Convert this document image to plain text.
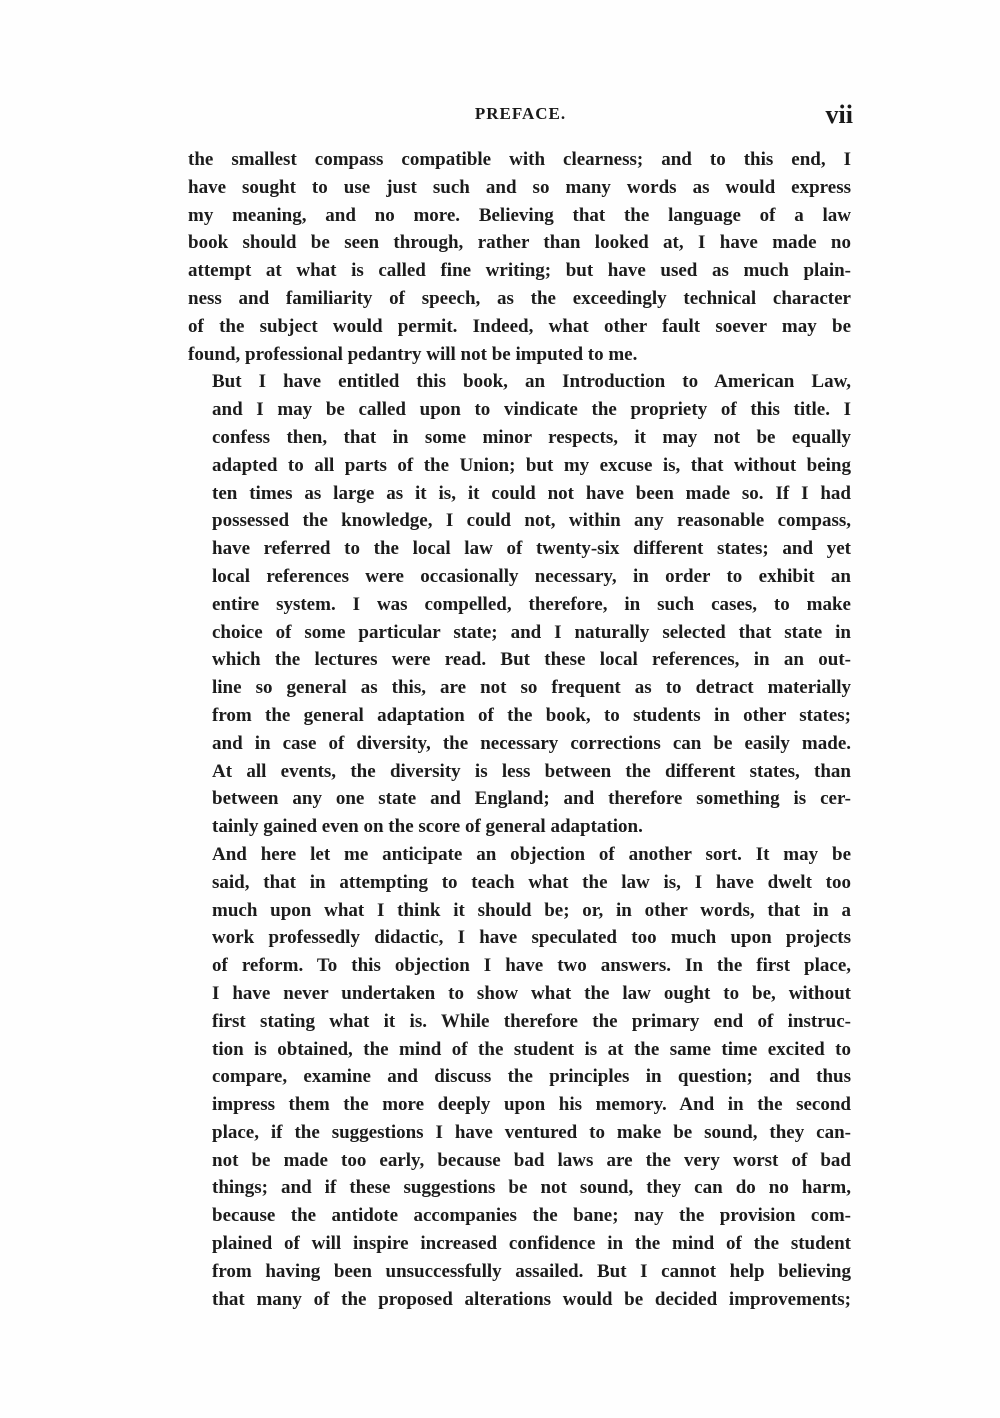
PREFACE.	vii

the smallest compass compatible with clearness; and to this end, I
have sought to use just such and so many words as would express
my meaning, and no more. Believing that the language of a law
book should be seen through, rather than looked at, I have made no
attempt at what is called fine writing; but have used as much plain-
ness and familiarity of speech, as the exceedingly technical character
of the subject would permit. Indeed, what other fault soever may be
found, professional pedantry will not be imputed to me.

But I have entitled this book, an Introduction to American Law,
and I may be called upon to vindicate the propriety of this title. I
confess then, that in some minor respects, it may not be equally
adapted to all parts of the Union; but my excuse is, that without being
ten times as large as it is, it could not have been made so. If I had
possessed the knowledge, I could not, within any reasonable compass,
have referred to the local law of twenty-six different states; and yet
local references were occasionally necessary, in order to exhibit an
entire system. I was compelled, therefore, in such cases, to make
choice of some particular state; and I naturally selected that state in
which the lectures were read. But these local references, in an out-
line so general as this, are not so frequent as to detract materially
from the general adaptation of the book, to students in other states;
and in case of diversity, the necessary corrections can be easily made.
At all events, the diversity is less between the different states, than
between any one state and England; and therefore something is cer-
tainly gained even on the score of general adaptation.

And here let me anticipate an objection of another sort. It may be
said, that in attempting to teach what the law is, I have dwelt too
much upon what I think it should be; or, in other words, that in a
work professedly didactic, I have speculated too much upon projects
of reform. To this objection I have two answers. In the first place,
I have never undertaken to show what the law ought to be, without
first stating what it is. While therefore the primary end of instruc-
tion is obtained, the mind of the student is at the same time excited to
compare, examine and discuss the principles in question; and thus
impress them the more deeply upon his memory. And in the second
place, if the suggestions I have ventured to make be sound, they can-
not be made too early, because bad laws are the very worst of bad
things; and if these suggestions be not sound, they can do no harm,
because the antidote accompanies the bane; nay the provision com-
plained of will inspire increased confidence in the mind of the student
from having been unsuccessfully assailed. But I cannot help believing
that many of the proposed alterations would be decided improvements;
